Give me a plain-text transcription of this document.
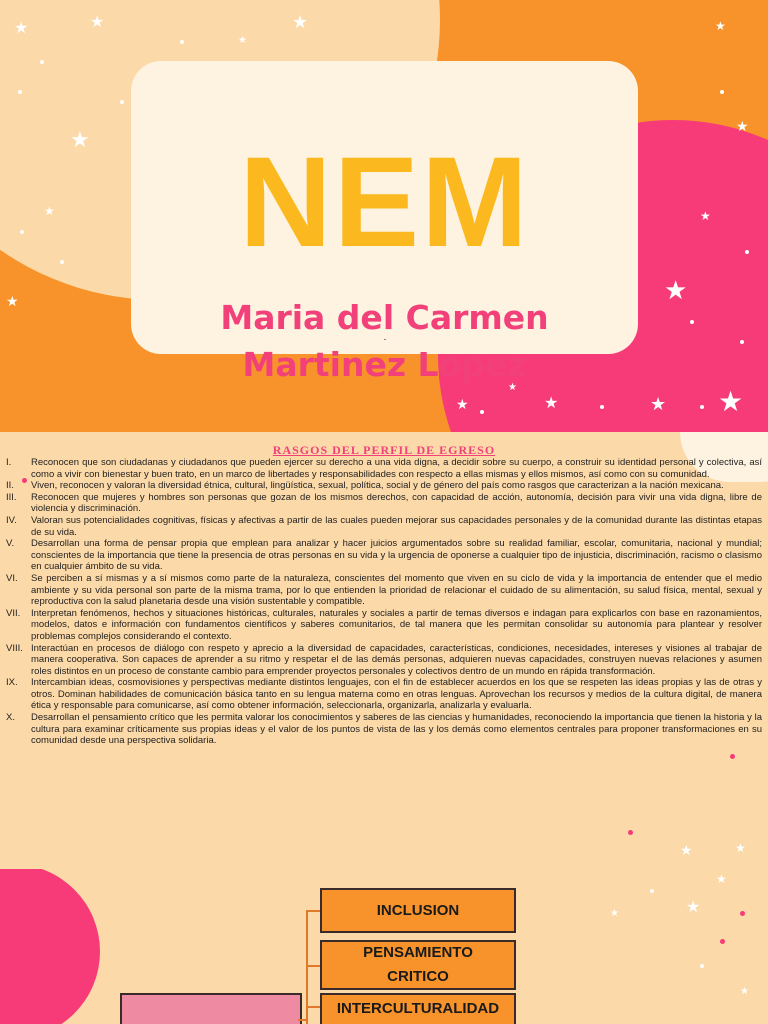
★	★
★
★
★
★
★	★
★
★
★
★	★	★ ★
★
NEM
Maria del Carmen
Martinez Lopez
RASGOS DEL PERFIL DE EGRESO
★	★
I. Reconocen que son ciudadanas y ciudadanos que pueden ejercer su derecho a una vida digna, a decidir sobre su cuerpo, a construir su identidad personal y colectiva, así como a vivir con bienestar y buen trato, en un marco de libertades y responsabilidades con respecto a ellas mismas y ellos mismos, así como con su comunidad.
II. Viven, reconocen y valoran la diversidad étnica, cultural, lingüística, sexual, política, social y de género del país como rasgos que caracterizan a la nación mexicana.
III. Reconocen que mujeres y hombres son personas que gozan de los mismos derechos, con capacidad de acción, autonomía, decisión para vivir una vida digna, libre de violencia y discriminación.
IV. Valoran sus potencialidades cognitivas, físicas y afectivas a partir de las cuales pueden mejorar sus capacidades personales y de la comunidad durante las distintas etapas de su vida.
V. Desarrollan una forma de pensar propia que emplean para analizar y hacer juicios argumentados sobre su realidad familiar, escolar, comunitaria, nacional y mundial; conscientes de la importancia que tiene la presencia de otras personas en su vida y la urgencia de oponerse a cualquier tipo de injusticia, discriminación, racismo o clasismo en cualquier ámbito de su vida.
VI. Se perciben a sí mismas y a sí mismos como parte de la naturaleza, conscientes del momento que viven en su ciclo de vida y la importancia de entender que el medio ambiente y su vida personal son parte de la misma trama, por lo que entienden la prioridad de relacionar el cuidado de su alimentación, su salud física, mental, sexual y reproductiva con la salud planetaria desde una visión sustentable y compatible.
VII. Interpretan fenómenos, hechos y situaciones históricas, culturales, naturales y sociales a partir de temas diversos e indagan para explicarlos con base en razonamientos, modelos, datos e información con fundamentos científicos y saberes comunitarios, de tal manera que les permitan consolidar su autonomía para plantear y resolver problemas complejos considerando el contexto.
VIII. Interactúan en procesos de diálogo con respeto y aprecio a la diversidad de capacidades, características, condiciones, necesidades, intereses y visiones al trabajar de manera cooperativa. Son capaces de aprender a su ritmo y respetar el de las demás personas, adquieren nuevas capacidades, construyen nuevas relaciones y asumen roles distintos en un proceso de constante cambio para emprender proyectos personales y colectivos dentro de un mundo en rápida transformación.
IX. Intercambian ideas, cosmovisiones y perspectivas mediante distintos lenguajes, con el fin de establecer acuerdos en los que se respeten las ideas propias y las de otras y otros. Dominan habilidades de comunicación básica tanto en su lengua materna como en otras lenguas. Aprovechan los recursos y medios de la cultura digital, de manera ética y responsable para comunicarse, así como obtener información, seleccionarla, organizarla, analizarla y evaluarla.
X. Desarrollan el pensamiento crítico que les permita valorar los conocimientos y saberes de las ciencias y humanidades, reconociendo la importancia que tienen la historia y la cultura para examinar críticamente sus propias ideas y el valor de los puntos de vista de las y los demás como elementos centrales para proponer transformaciones en su comunidad desde una perspectiva solidaria.
★
★
★
★
INCLUSION
PENSAMIENTO CRITICO
INTERCULTURALIDAD
